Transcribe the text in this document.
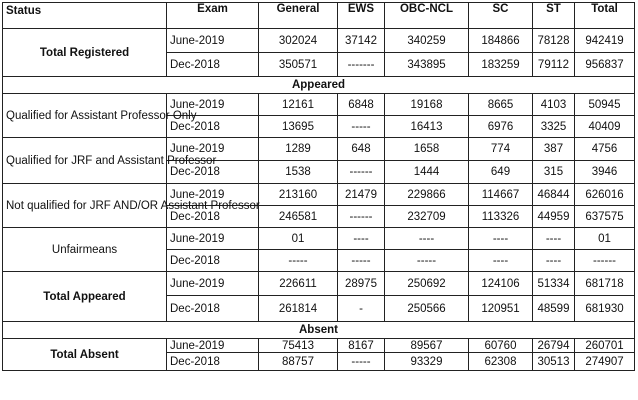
Status	Exam	General	EWS	OBC-NCL	SC	ST	Total
Total Registered	June-2019	302024	37142	340259	184866	78128	942419
	Dec-2018	350571	-------	343895	183259	79112	956837
Appeared							
Qualified for Assistant Professor Only	June-2019	12161	6848	19168	8665	4103	50945
	Dec-2018	13695	-----	16413	6976	3325	40409
Qualified for JRF and Assistant Professor	June-2019	1289	648	1658	774	387	4756
	Dec-2018	1538	------	1444	649	315	3946
Not qualified for JRF AND/OR Assistant Professor	June-2019	213160	21479	229866	114667	46844	626016
	Dec-2018	246581	------	232709	113326	44959	637575
Unfairmeans	June-2019	01	----	----	----	----	01
	Dec-2018	-----	-----	-----	----	----	------
Total Appeared	June-2019	226611	28975	250692	124106	51334	681718
	Dec-2018	261814	-	250566	120951	48599	681930
Absent							
Total Absent	June-2019	75413	8167	89567	60760	26794	260701
	Dec-2018	88757	-----	93329	62308	30513	274907
